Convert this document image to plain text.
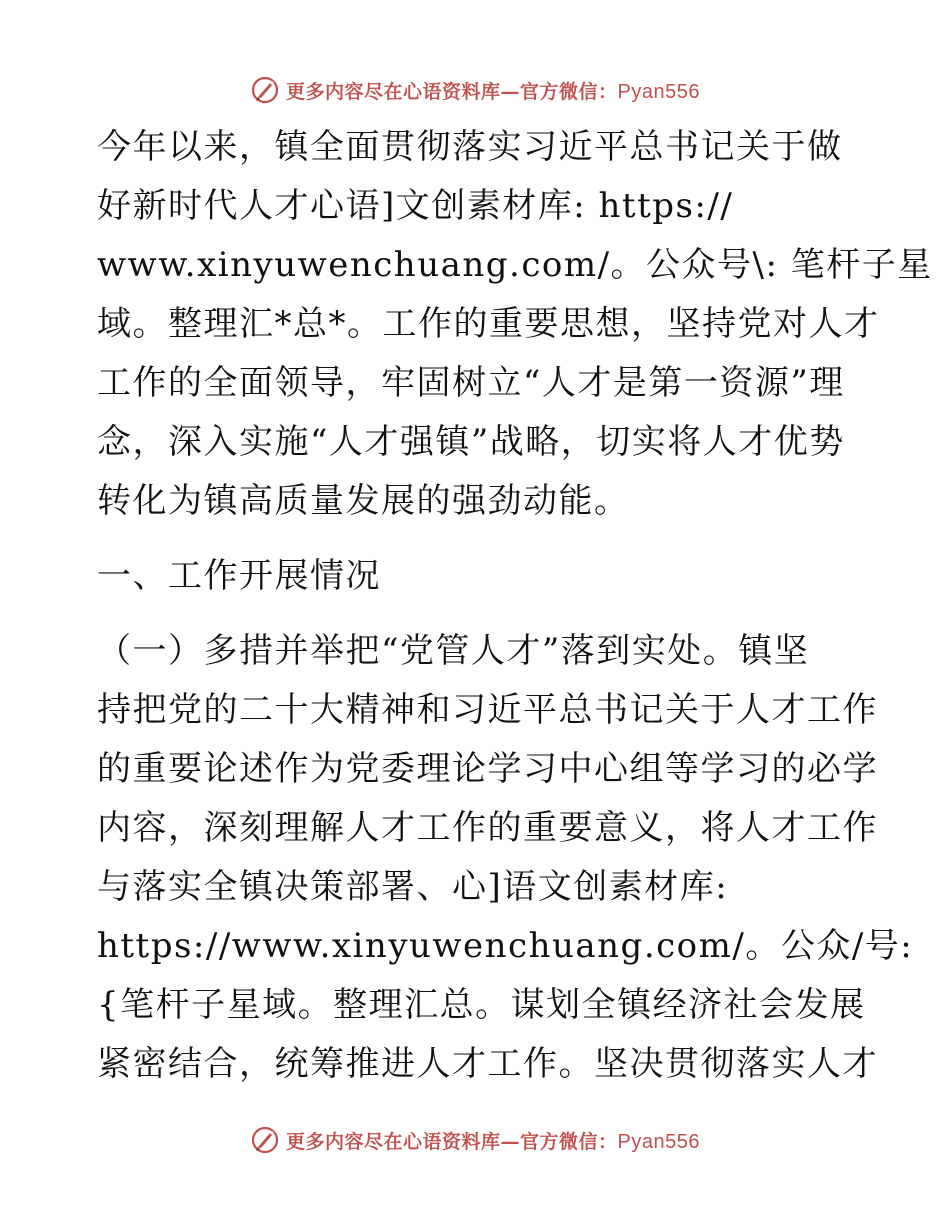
更多内容尽在心语资料库—官方微信：Pyan556
今年以来，镇全面贯彻落实习近平总书记关于做
好新时代人才心语]文创素材库: https://
www.xinyuwenchuang.com/。公众号\: 笔杆子星
域。整理汇*总*。工作的重要思想，坚持党对人才
工作的全面领导，牢固树立“人才是第一资源”理
念，深入实施“人才强镇”战略，切实将人才优势
转化为镇高质量发展的强劲动能。
一、工作开展情况
（一）多措并举把“党管人才”落到实处。镇坚
持把党的二十大精神和习近平总书记关于人才工作
的重要论述作为党委理论学习中心组等学习的必学
内容，深刻理解人才工作的重要意义，将人才工作
与落实全镇决策部署、心]语文创素材库:
https://www.xinyuwenchuang.com/。公众/号:
{笔杆子星域。整理汇总。谋划全镇经济社会发展
紧密结合，统筹推进人才工作。坚决贯彻落实人才
更多内容尽在心语资料库—官方微信：Pyan556
